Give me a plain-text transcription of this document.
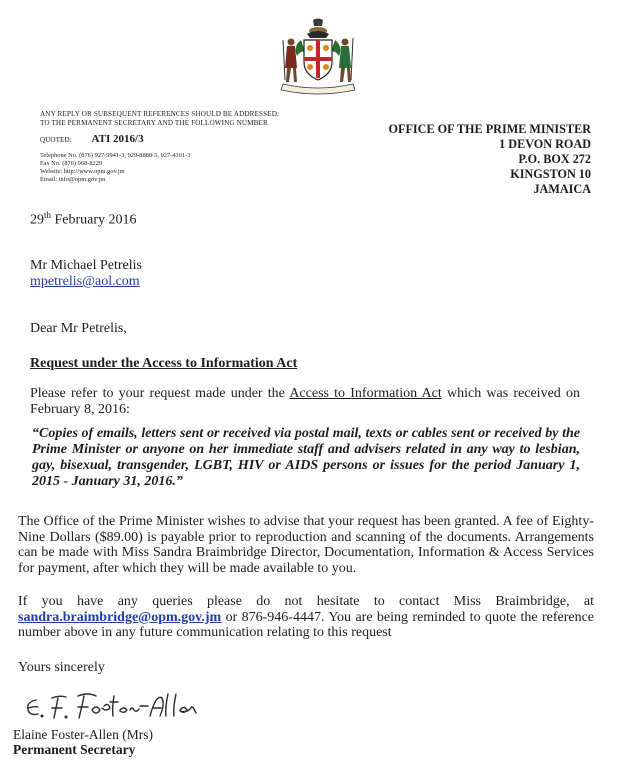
ANY REPLY OR SUBSEQUENT REFERENCES SHOULD BE ADDRESSED:
TO THE PERMANENT SECRETARY AND THE FOLLOWING NUMBER
QUOTED: ATI 2016/3
Telephone No. (876) 927-9941-3, 929-8880-5, 927-4101-3
Fax No. (876) 968-8229
Website: http://www.opm.gov.jm
Email: info@opm.gov.jm
OFFICE OF THE PRIME MINISTER
1 DEVON ROAD
P.O. BOX 272
KINGSTON 10
JAMAICA
29th February 2016
Mr Michael Petrelis
mpetrelis@aol.com
Dear Mr Petrelis,
Request under the Access to Information Act
Please refer to your request made under the Access to Information Act which was received on February 8, 2016:
“Copies of emails, letters sent or received via postal mail, texts or cables sent or received by the Prime Minister or anyone on her immediate staff and advisers related in any way to lesbian, gay, bisexual, transgender, LGBT, HIV or AIDS persons or issues for the period January 1, 2015 - January 31, 2016.”
The Office of the Prime Minister wishes to advise that your request has been granted. A fee of Eighty-Nine Dollars ($89.00) is payable prior to reproduction and scanning of the documents. Arrangements can be made with Miss Sandra Braimbridge Director, Documentation, Information & Access Services for payment, after which they will be made available to you.
If you have any queries please do not hesitate to contact Miss Braimbridge, at sandra.braimbridge@opm.gov.jm or 876-946-4447. You are being reminded to quote the reference number above in any future communication relating to this request
Yours sincerely
Elaine Foster-Allen (Mrs)
Permanent Secretary
